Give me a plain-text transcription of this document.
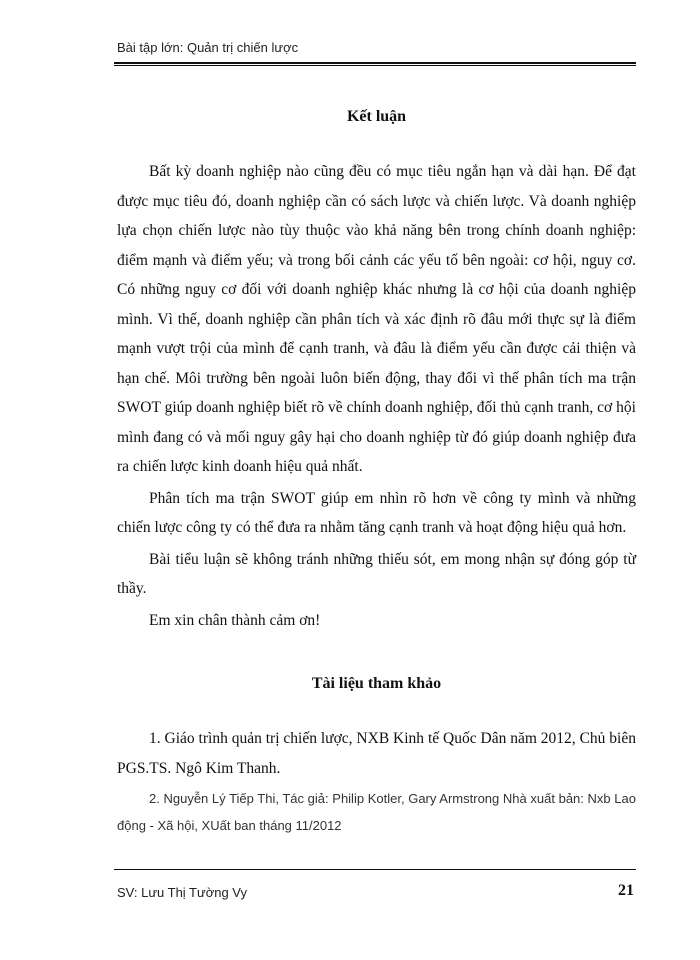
Bài tập lớn: Quản trị chiến lược
Kết luận

Bất kỳ doanh nghiệp nào cũng đều có mục tiêu ngắn hạn và dài hạn. Để đạt được mục tiêu đó, doanh nghiệp cần có sách lược và chiến lược. Và doanh nghiệp lựa chọn chiến lược nào tùy thuộc vào khả năng bên trong chính doanh nghiệp: điểm mạnh và điểm yếu; và trong bối cảnh các yếu tố bên ngoài: cơ hội, nguy cơ. Có những nguy cơ đối với doanh nghiệp khác nhưng là cơ hội của doanh nghiệp mình. Vì thế, doanh nghiệp cần phân tích và xác định rõ đâu mới thực sự là điểm mạnh vượt trội của mình để cạnh tranh, và đâu là điểm yếu cần được cải thiện và hạn chế. Môi trường bên ngoài luôn biến động, thay đổi vì thế phân tích ma trận SWOT giúp doanh nghiệp biết rõ về chính doanh nghiệp, đối thủ cạnh tranh, cơ hội mình đang có và mối nguy gây hại cho doanh nghiệp từ đó giúp doanh nghiệp đưa ra chiến lược kinh doanh hiệu quả nhất.

Phân tích ma trận SWOT giúp em nhìn rõ hơn về công ty mình và những chiến lược công ty có thể đưa ra nhằm tăng cạnh tranh và hoạt động hiệu quả hơn.

Bài tiểu luận sẽ không tránh những thiếu sót, em mong nhận sự đóng góp từ thầy.

Em xin chân thành cảm ơn!

Tài liệu tham khảo

1. Giáo trình quản trị chiến lược, NXB Kinh tế Quốc Dân năm 2012, Chủ biên PGS.TS. Ngô Kim Thanh.

2. Nguyễn Lý Tiếp Thi, Tác giả: Philip Kotler, Gary Armstrong Nhà xuất bản: Nxb Lao động - Xã hội, XUất ban tháng 11/2012

SV: Lưu Thị Tường Vy	21
